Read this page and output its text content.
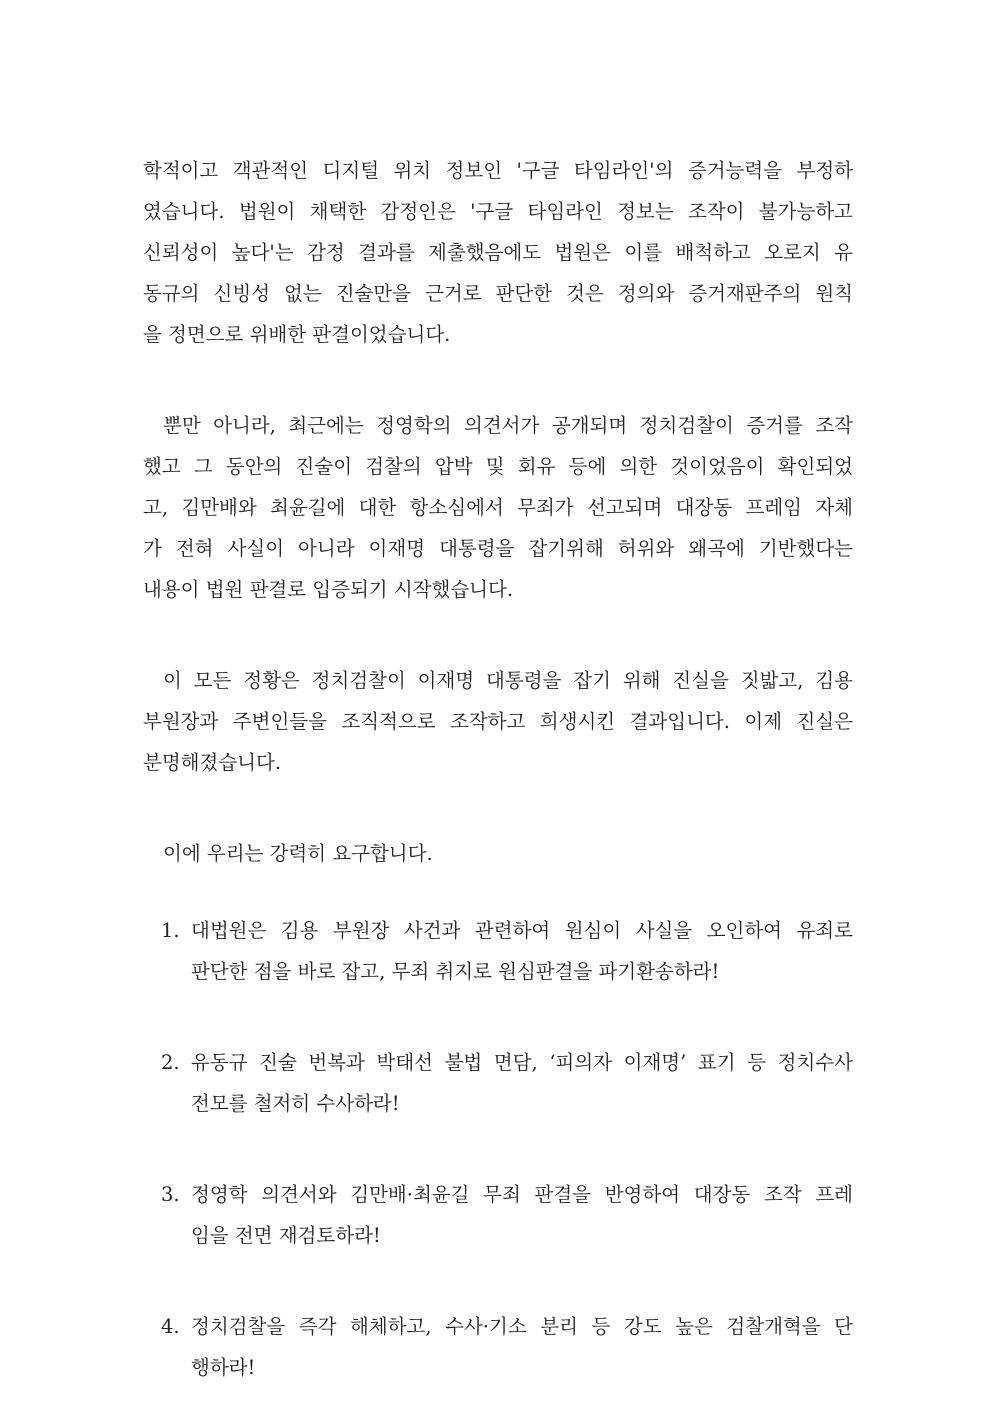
학적이고 객관적인 디지털 위치 정보인 '구글 타임라인'의 증거능력을 부정하
였습니다. 법원이 채택한 감정인은 '구글 타임라인 정보는 조작이 불가능하고
신뢰성이 높다'는 감정 결과를 제출했음에도 법원은 이를 배척하고 오로지 유
동규의 신빙성 없는 진술만을 근거로 판단한 것은 정의와 증거재판주의 원칙
을 정면으로 위배한 판결이었습니다.

뿐만 아니라, 최근에는 정영학의 의견서가 공개되며 정치검찰이 증거를 조작
했고 그 동안의 진술이 검찰의 압박 및 회유 등에 의한 것이었음이 확인되었
고, 김만배와 최윤길에 대한 항소심에서 무죄가 선고되며 대장동 프레임 자체
가 전혀 사실이 아니라 이재명 대통령을 잡기위해 허위와 왜곡에 기반했다는
내용이 법원 판결로 입증되기 시작했습니다.

이 모든 정황은 정치검찰이 이재명 대통령을 잡기 위해 진실을 짓밟고, 김용
부원장과 주변인들을 조직적으로 조작하고 희생시킨 결과입니다. 이제 진실은
분명해졌습니다.

이에 우리는 강력히 요구합니다.

1. 대법원은 김용 부원장 사건과 관련하여 원심이 사실을 오인하여 유죄로
판단한 점을 바로 잡고, 무죄 취지로 원심판결을 파기환송하라!
2. 유동규 진술 번복과 박태선 불법 면담, ‘피의자 이재명’ 표기 등 정치수사
전모를 철저히 수사하라!
3. 정영학 의견서와 김만배·최윤길 무죄 판결을 반영하여 대장동 조작 프레
임을 전면 재검토하라!
4. 정치검찰을 즉각 해체하고, 수사·기소 분리 등 강도 높은 검찰개혁을 단
행하라!
